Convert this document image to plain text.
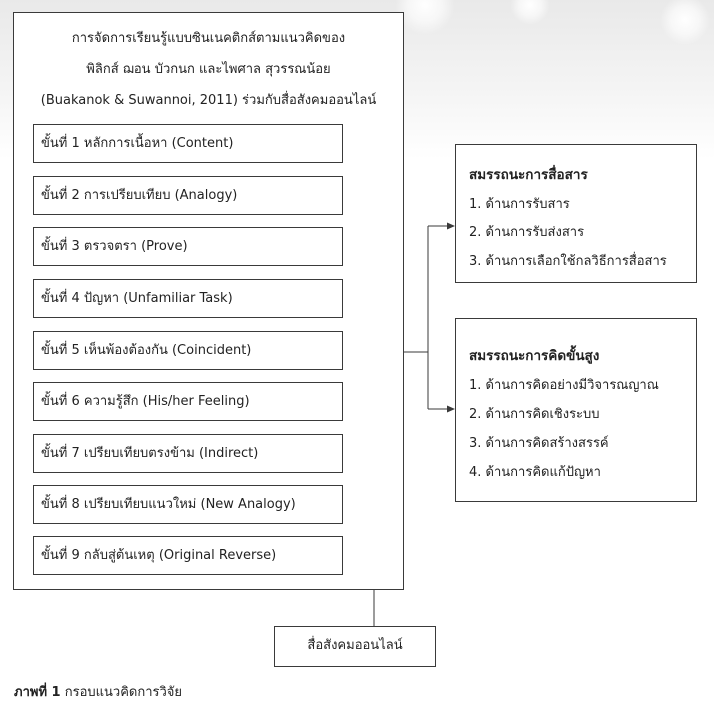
การจัดการเรียนรู้แบบซินเนคติกส์ตามแนวคิดของ
พิลิกส์ ฌอน บัวกนก และไพศาล สุวรรณน้อย
(Buakanok & Suwannoi, 2011) ร่วมกับสื่อสังคมออนไลน์
ขั้นที่ 1 หลักการเนื้อหา (Content)
ขั้นที่ 2 การเปรียบเทียบ (Analogy)
ขั้นที่ 3 ตรวจตรา (Prove)
ขั้นที่ 4 ปัญหา (Unfamiliar Task)
ขั้นที่ 5 เห็นพ้องต้องกัน (Coincident)
ขั้นที่ 6 ความรู้สึก (His/her Feeling)
ขั้นที่ 7 เปรียบเทียบตรงข้าม (Indirect)
ขั้นที่ 8 เปรียบเทียบแนวใหม่ (New Analogy)
ขั้นที่ 9 กลับสู่ต้นเหตุ (Original Reverse)
สมรรถนะการสื่อสาร
1. ด้านการรับสาร
2. ด้านการรับส่งสาร
3. ด้านการเลือกใช้กลวิธีการสื่อสาร
สมรรถนะการคิดขั้นสูง
1. ด้านการคิดอย่างมีวิจารณญาณ
2. ด้านการคิดเชิงระบบ
3. ด้านการคิดสร้างสรรค์
4. ด้านการคิดแก้ปัญหา
สื่อสังคมออนไลน์
ภาพที่ 1 กรอบแนวคิดการวิจัย
